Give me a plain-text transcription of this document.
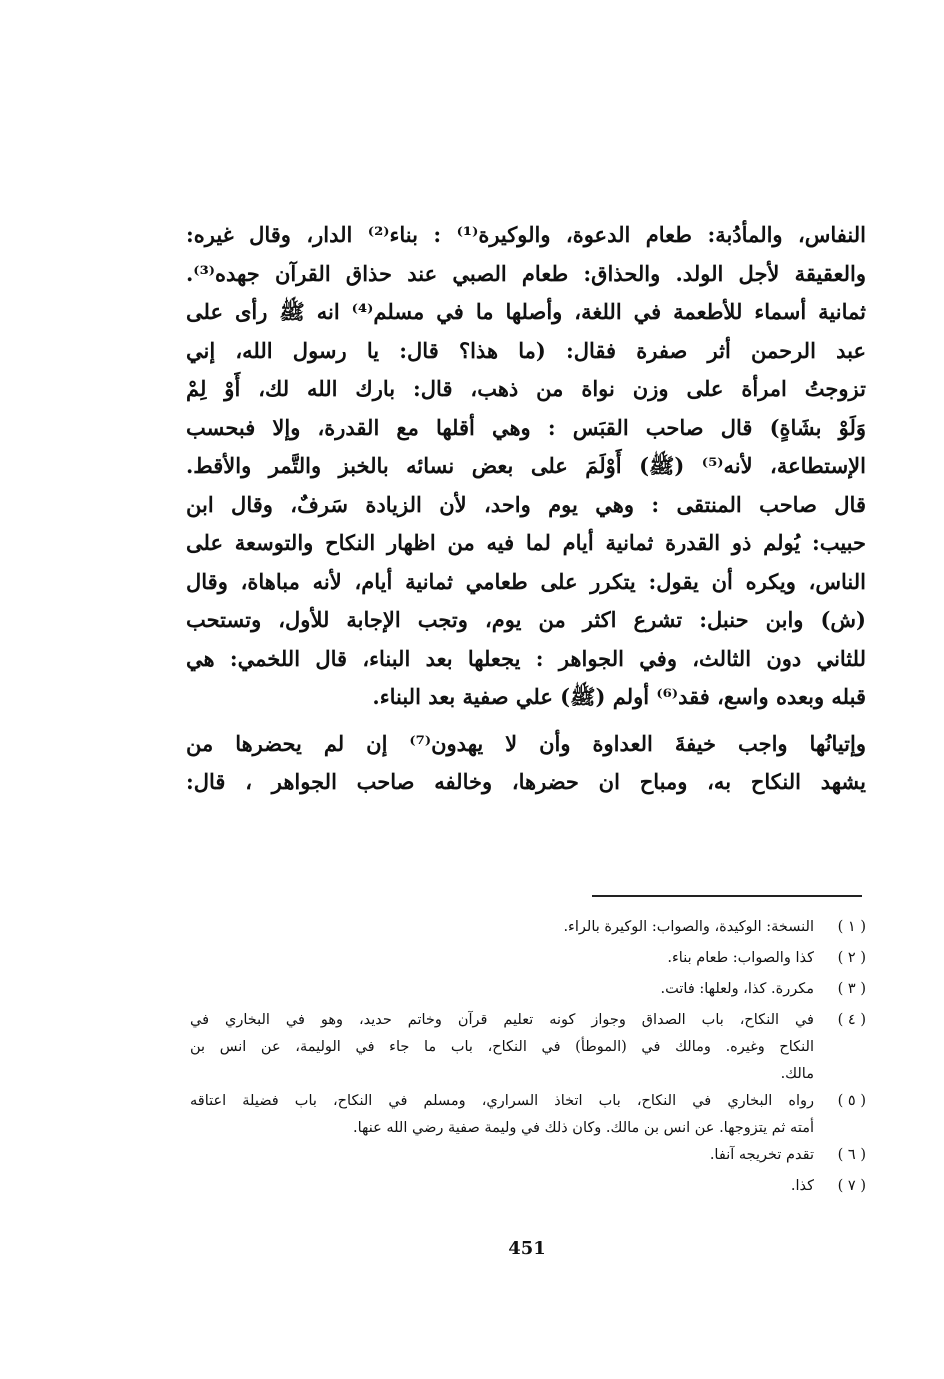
النفاس، والمأدُبة: طعام الدعوة، والوكيرة⁽¹⁾ : بناء⁽²⁾ الدار، وقال غيره:
والعقيقة لأجل الولد. والحذاق: طعام الصبي عند حذاق القرآن جهده⁽³⁾.
ثمانية أسماء للأطعمة في اللغة، وأصلها ما في مسلم⁽⁴⁾ انه ﷺ رأى على
عبد الرحمن أثر صفرة فقال: (ما هذا؟ قال: يا رسول الله، إني
تزوجتُ امرأة على وزن نواة من ذهب، قال: بارك الله لك، أَوْ لِمْ
وَلَوْ بشَاةٍ) قال صاحب القبَس : وهي أقلها مع القدرة، وإلا فبحسب
الإستطاعة، لأنه⁽⁵⁾ (ﷺ) أَوْلَمَ على بعض نسائه بالخبز والتَّمر والأقط.
قال صاحب المنتقى : وهي يوم واحد، لأن الزيادة سَرفٌ، وقال ابن
حبيب: يُولم ذو القدرة ثمانية أيام لما فيه من اظهار النكاح والتوسعة على
الناس، ويكره أن يقول: يتكرر على طعامي ثمانية أيام، لأنه مباهاة، وقال
(ش) وابن حنبل: تشرع اكثر من يوم، وتجب الإجابة للأول، وتستحب
للثاني دون الثالث، وفي الجواهر : يجعلها بعد البناء، قال اللخمي: هي
قبله وبعده واسع، فقد⁽⁶⁾ أولم (ﷺ) علي صفية بعد البناء.
وإتيانُها واجب خيفةَ العداوة وأن لا يهدون⁽⁷⁾ إن لم يحضرها من
يشهد النكاح به، ومباح ان حضرها، وخالفه صاحب الجواهر ، قال:
( ١ )
النسخة: الوكيدة، والصواب: الوكيرة بالراء.
( ٢ )
كذا والصواب: طعام بناء.
( ٣ )
مكررة. كذا، ولعلها: فاتت.
( ٤ )
في النكاح، باب الصداق وجواز كونه تعليم قرآن وخاتم حديد، وهو في البخاري في
النكاح وغيره. ومالك في (الموطأ) في النكاح، باب ما جاء في الوليمة، عن انس بن
مالك.
( ٥ )
رواه البخاري في النكاح، باب اتخاذ السراري، ومسلم في النكاح، باب فضيلة اعتاقه
أمته ثم يتزوجها. عن انس بن مالك. وكان ذلك في وليمة صفية رضي الله عنها.
( ٦ )
تقدم تخريجه آنفا.
( ٧ )
كذا.
451
